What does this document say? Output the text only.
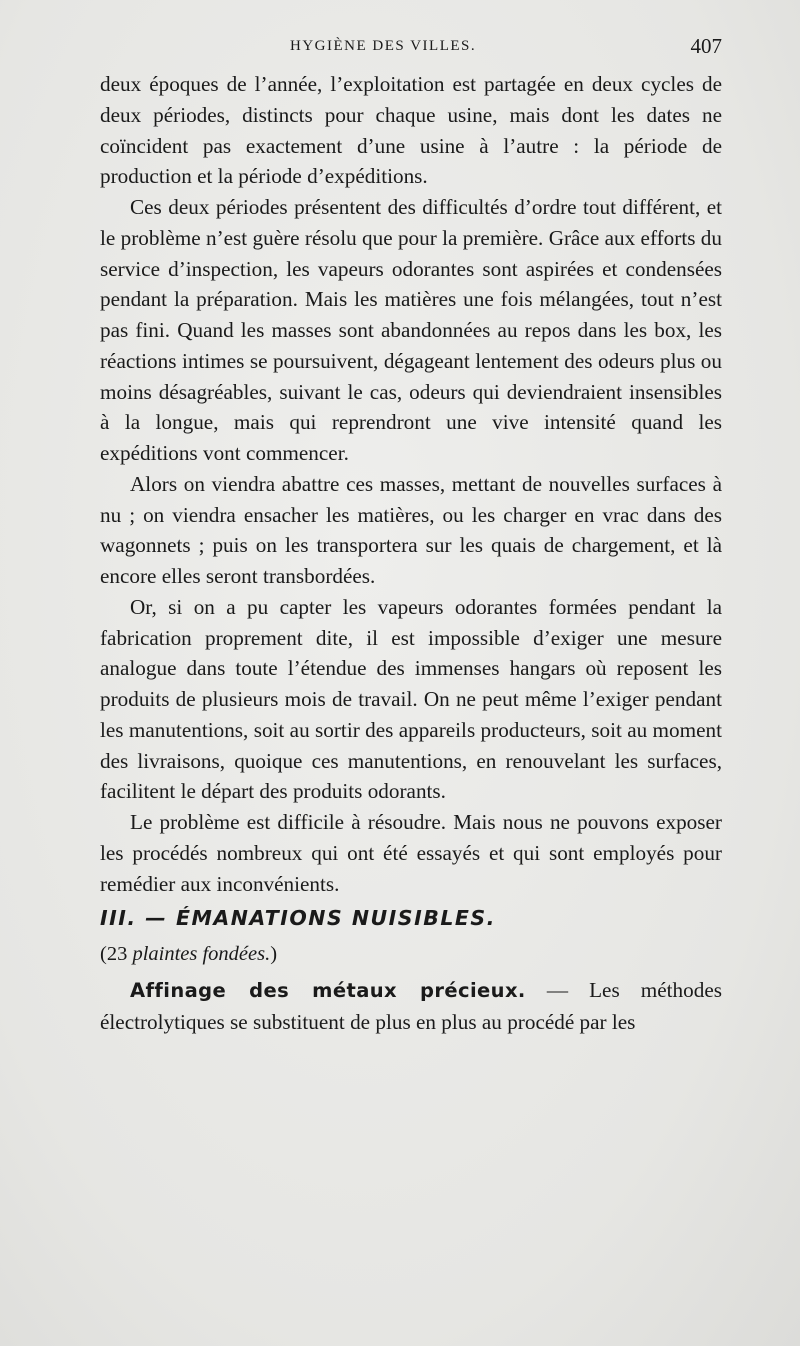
HYGIÈNE DES VILLES.	407

deux époques de l’année, l’exploitation est partagée en deux cycles de deux périodes, distincts pour chaque usine, mais dont les dates ne coïncident pas exactement d’une usine à l’autre : la période de production et la période d’expéditions.

Ces deux périodes présentent des difficultés d’ordre tout différent, et le problème n’est guère résolu que pour la première. Grâce aux efforts du service d’inspection, les vapeurs odorantes sont aspirées et condensées pendant la préparation. Mais les matières une fois mélangées, tout n’est pas fini. Quand les masses sont abandonnées au repos dans les box, les réactions intimes se poursuivent, dégageant lentement des odeurs plus ou moins désagréables, suivant le cas, odeurs qui deviendraient insensibles à la longue, mais qui reprendront une vive intensité quand les expéditions vont commencer.

Alors on viendra abattre ces masses, mettant de nouvelles surfaces à nu ; on viendra ensacher les matières, ou les charger en vrac dans des wagonnets ; puis on les transportera sur les quais de chargement, et là encore elles seront transbordées.

Or, si on a pu capter les vapeurs odorantes formées pendant la fabrication proprement dite, il est impossible d’exiger une mesure analogue dans toute l’étendue des immenses hangars où reposent les produits de plusieurs mois de travail. On ne peut même l’exiger pendant les manutentions, soit au sortir des appareils producteurs, soit au moment des livraisons, quoique ces manutentions, en renouvelant les surfaces, facilitent le départ des produits odorants.

Le problème est difficile à résoudre. Mais nous ne pouvons exposer les procédés nombreux qui ont été essayés et qui sont employés pour remédier aux inconvénients.

III. — ÉMANATIONS NUISIBLES.

(23 plaintes fondées.)

Affinage des métaux précieux. — Les méthodes électrolytiques se substituent de plus en plus au procédé par les
